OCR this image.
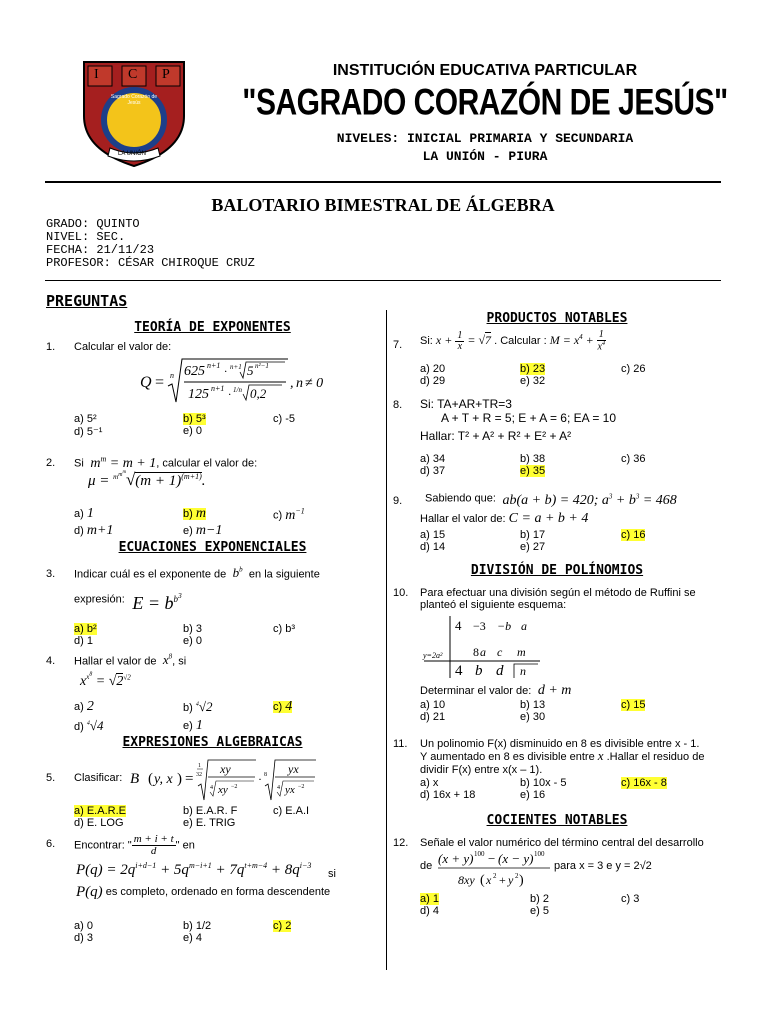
I C P
Sagrado Corazón de Jesús
LA UNIÓN
INSTITUCIÓN EDUCATIVA PARTICULAR
"SAGRADO CORAZÓN DE JESÚS"
NIVELES: INICIAL PRIMARIA Y SECUNDARIA
LA UNIÓN - PIURA
BALOTARIO BIMESTRAL DE ÁLGEBRA
GRADO: QUINTO
NIVEL: SEC.
FECHA: 21/11/23
PROFESOR: CÉSAR CHIROQUE CRUZ
PREGUNTAS
TEORÍA DE EXPONENTES
1. Calcular el valor de:
Q = n 625 n+1 · n+1 5 n²−1
125 n+1 · 1/n 0,2
, n ≠ 0
a) 5²	b) 5³	c) -5
d) 5⁻¹	e) 0
2. Si  $m^m = m + 1$, calcular el valor de:
$\mu = ^{m^{m^m}}√(m + 1)^{(m+1)}$.
a) 1	b) m	c) $m^{-1}$
d) m+1	e) m−1
ECUACIONES EXPONENCIALES
3. Indicar cuál es el exponente de  $b^b$ en la siguiente
expresión:  $E = b^{b^3}$
a) b²	b) 3	c) b³
d) 1	e) 0
4. Hallar el valor de  $x^8$, si
$x^{x^8} = √2^{√2}$
a) 2	b) $^4$√2	c) 4
d) $^4$√4	e) 1
EXPRESIONES ALGEBRAICAS
5. Clasificar: B ( y, x ) =
1
32 xy
4 xy −2
· 8 yx
4 yx −2
a) E.A.R.E	b) E.A.R. F	c) E.A.I
d) E. LOG	e) E. TRIG
6. Encontrar: " $\frac{m + i + t}{d}$ " en
$P(q) = 2q^{i+d-1} + 5q^{m-i+1} + 7q^{t+m-4} + 8q^{i-3}$
si
P(q) es completo, ordenado en forma descendente
a) 0	b) 1/2	c) 2
d) 3	e) 4
PRODUCTOS NOTABLES
7. Si: $x + \frac{1}{x} = √7$ . Calcular : $M = x^4 + \frac{1}{x^4}$
a) 20	b) 23	c) 26
d) 29	e) 32
8. Si: TA+AR+TR=3
A + T + R = 5; E + A = 6; EA = 10
Hallar: T² + A² + R² + E² + A²
a) 34	b) 38	c) 36
d) 37	e) 35
9. Sabiendo que:  ab(a + b) = 420; $a^3 + b^3 = 468$
Hallar el valor de: C = a + b + 4
a) 15	b) 17	c) 16
d) 14	e) 27
DIVISIÓN DE POLÍNOMIOS
10. Para efectuar una división según el método de Ruffini se
planteó el siguiente esquema:
4 −3 −b a
y=2a²	8 a c m
4 b d n
Determinar el valor de:  d + m
a) 10	b) 13	c) 15
d) 21	e) 30
11. Un polinomio F(x) disminuido en 8 es divisible entre x - 1.
Y aumentado en 8 es divisible entre x .Hallar el residuo de
dividir F(x) entre x(x – 1).
a) x	b) 10x - 5	c) 16x - 8
d) 16x + 18	e) 16
COCIENTES NOTABLES
12. Señale el valor numérico del término central del desarrollo
de (x + y) 100 − (x − y) 100
8xy ( x 2 + y 2 )
para x = 3 e y = 2√2
a) 1	b) 2	c) 3
d) 4	e) 5
